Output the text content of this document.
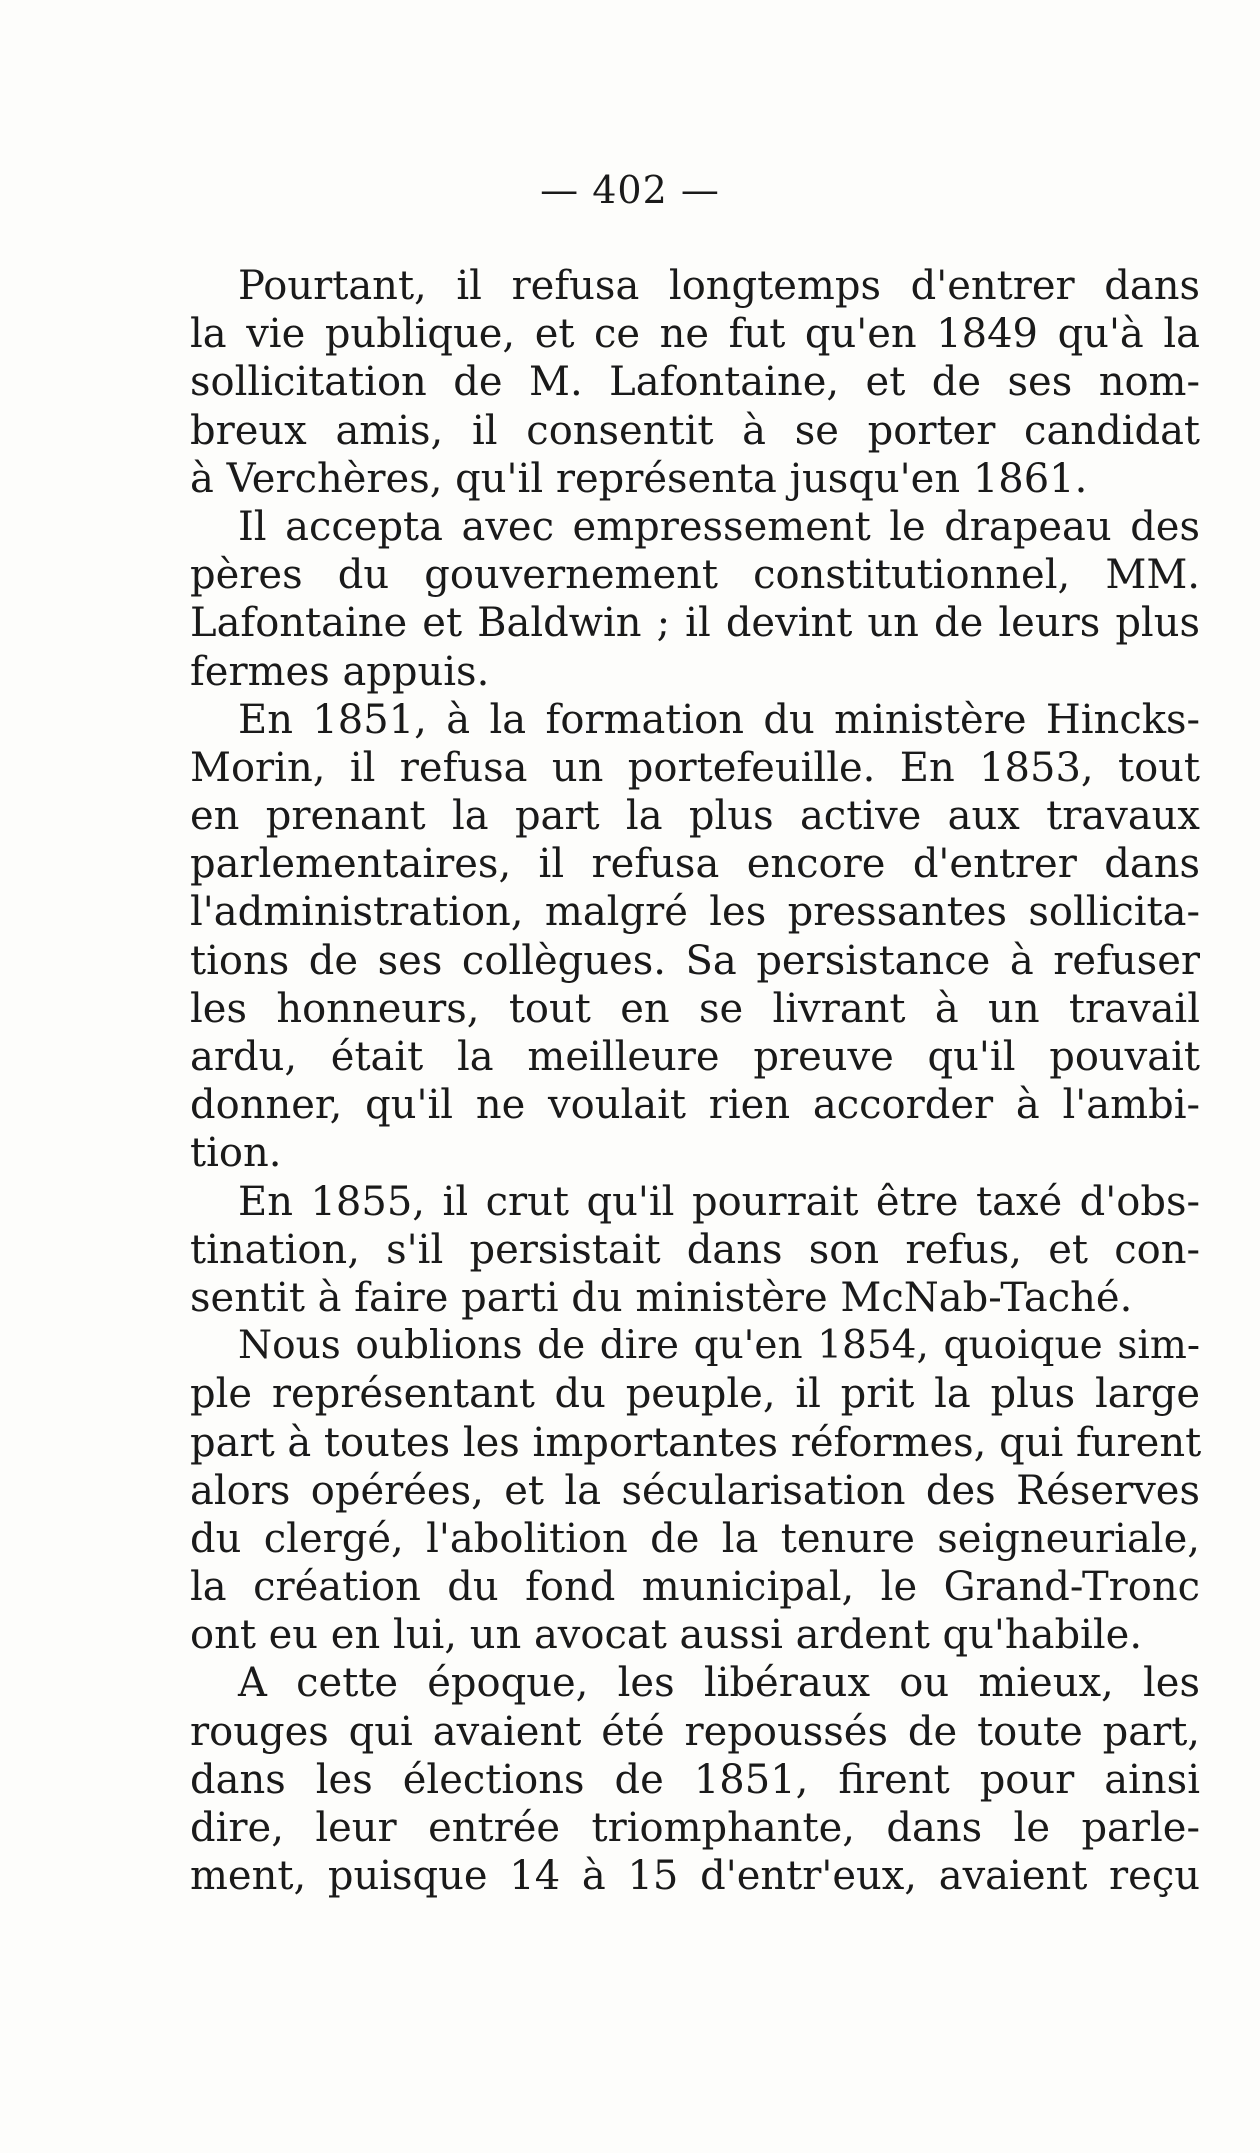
— 402 —
Pourtant, il refusa longtemps d'entrer dans
la vie publique, et ce ne fut qu'en 1849 qu'à la
sollicitation de M. Lafontaine, et de ses nom-
breux amis, il consentit à se porter candidat
à Verchères, qu'il représenta jusqu'en 1861.
Il accepta avec empressement le drapeau des
pères du gouvernement constitutionnel, MM.
Lafontaine et Baldwin ; il devint un de leurs plus
fermes appuis.
En 1851, à la formation du ministère Hincks-
Morin, il refusa un portefeuille. En 1853, tout
en prenant la part la plus active aux travaux
parlementaires, il refusa encore d'entrer dans
l'administration, malgré les pressantes sollicita-
tions de ses collègues. Sa persistance à refuser
les honneurs, tout en se livrant à un travail
ardu, était la meilleure preuve qu'il pouvait
donner, qu'il ne voulait rien accorder à l'ambi-
tion.
En 1855, il crut qu'il pourrait être taxé d'obs-
tination, s'il persistait dans son refus, et con-
sentit à faire parti du ministère McNab-Taché.
Nous oublions de dire qu'en 1854, quoique sim-
ple représentant du peuple, il prit la plus large
part à toutes les importantes réformes, qui furent
alors opérées, et la sécularisation des Réserves
du clergé, l'abolition de la tenure seigneuriale,
la création du fond municipal, le Grand-Tronc
ont eu en lui, un avocat aussi ardent qu'habile.
A cette époque, les libéraux ou mieux, les
rouges qui avaient été repoussés de toute part,
dans les élections de 1851, firent pour ainsi
dire, leur entrée triomphante, dans le parle-
ment, puisque 14 à 15 d'entr'eux, avaient reçu
